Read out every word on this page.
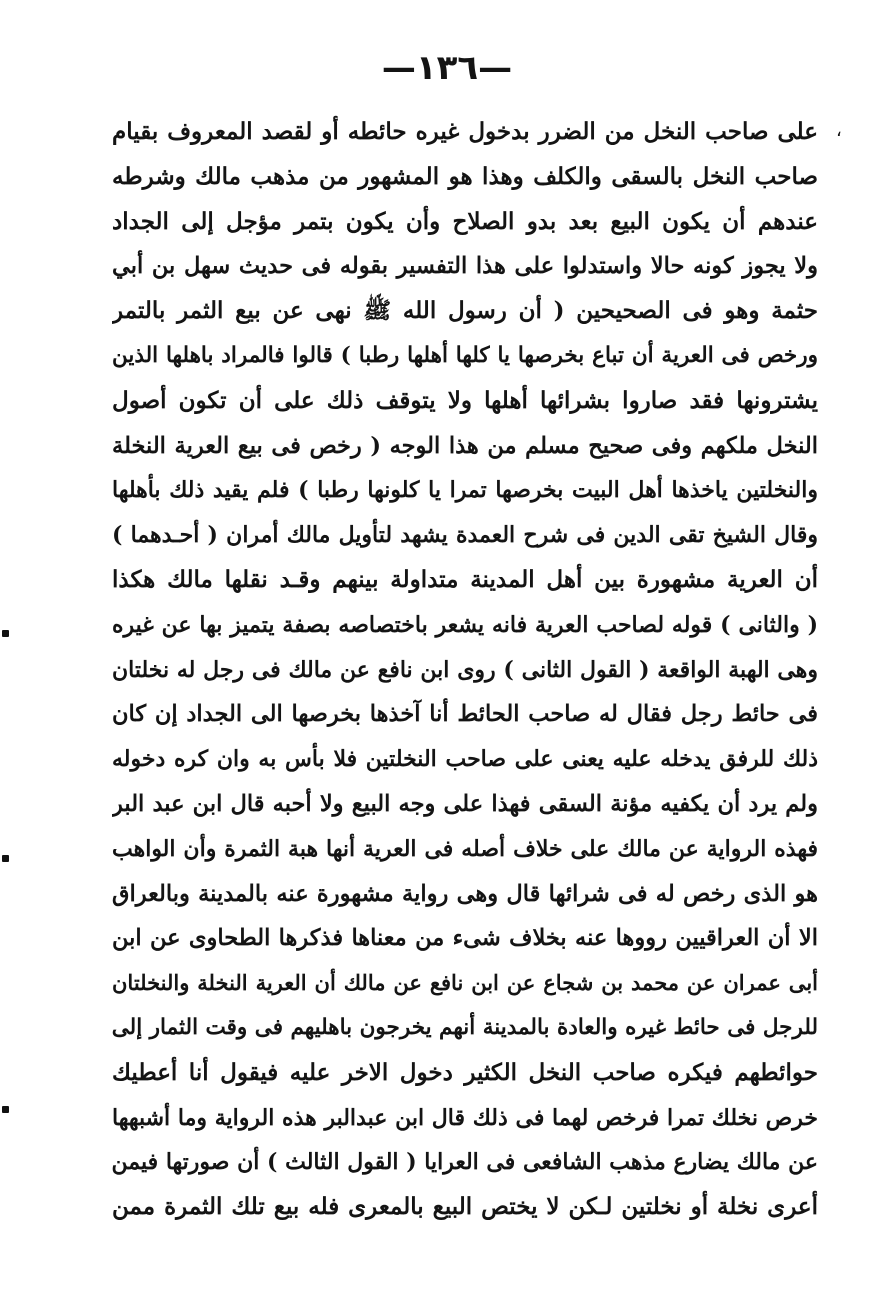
—١٣٦—
،
على صاحب النخل من الضرر بدخول غيره حائطه أو لقصد المعروف بقيام
صاحب النخل بالسقى والكلف وهذا هو المشهور من مذهب مالك وشرطه
عندهم أن يكون البيع بعد بدو الصلاح وأن يكون بتمر مؤجل إلى الجداد
ولا يجوز كونه حالا واستدلوا على هذا التفسير بقوله فى حديث سهل بن أبي
حثمة وهو فى الصحيحين ( أن رسول الله ﷺ نهى عن بيع الثمر بالتمر
ورخص فى العرية أن تباع بخرصها يا كلها أهلها رطبا ) قالوا فالمراد باهلها الذين
يشترونها فقد صاروا بشرائها أهلها ولا يتوقف ذلك على أن تكون أصول
النخل ملكهم وفى صحيح مسلم من هذا الوجه ( رخص فى بيع العرية النخلة
والنخلتين ياخذها أهل البيت بخرصها تمرا يا كلونها رطبا ) فلم يقيد ذلك بأهلها
وقال الشيخ تقى الدين فى شرح العمدة يشهد لتأويل مالك أمران ( أحـدهما )
أن العرية مشهورة بين أهل المدينة متداولة بينهم وقـد نقلها مالك هكذا
( والثانى ) قوله لصاحب العرية فانه يشعر باختصاصه بصفة يتميز بها عن غيره
وهى الهبة الواقعة ( القول الثانى ) روى ابن نافع عن مالك فى رجل له نخلتان
فى حائط رجل فقال له صاحب الحائط أنا آخذها بخرصها الى الجداد إن كان
ذلك للرفق يدخله عليه يعنى على صاحب النخلتين فلا بأس به وان كره دخوله
ولم يرد أن يكفيه مؤنة السقى فهذا على وجه البيع ولا أحبه قال ابن عبد البر
فهذه الرواية عن مالك على خلاف أصله فى العرية أنها هبة الثمرة وأن الواهب
هو الذى رخص له فى شرائها قال وهى رواية مشهورة عنه بالمدينة وبالعراق
الا أن العراقيين رووها عنه بخلاف شىء من معناها فذكرها الطحاوى عن ابن
أبى عمران عن محمد بن شجاع عن ابن نافع عن مالك أن العرية النخلة والنخلتان
للرجل فى حائط غيره والعادة بالمدينة أنهم يخرجون باهليهم فى وقت الثمار إلى
حوائطهم فيكره صاحب النخل الكثير دخول الاخر عليه فيقول أنا أعطيك
خرص نخلك تمرا فرخص لهما فى ذلك قال ابن عبدالبر هذه الرواية وما أشبهها
عن مالك يضارع مذهب الشافعى فى العرايا ( القول الثالث ) أن صورتها فيمن
أعرى نخلة أو نخلتين لـكن لا يختص البيع بالمعرى فله بيع تلك الثمرة ممن
